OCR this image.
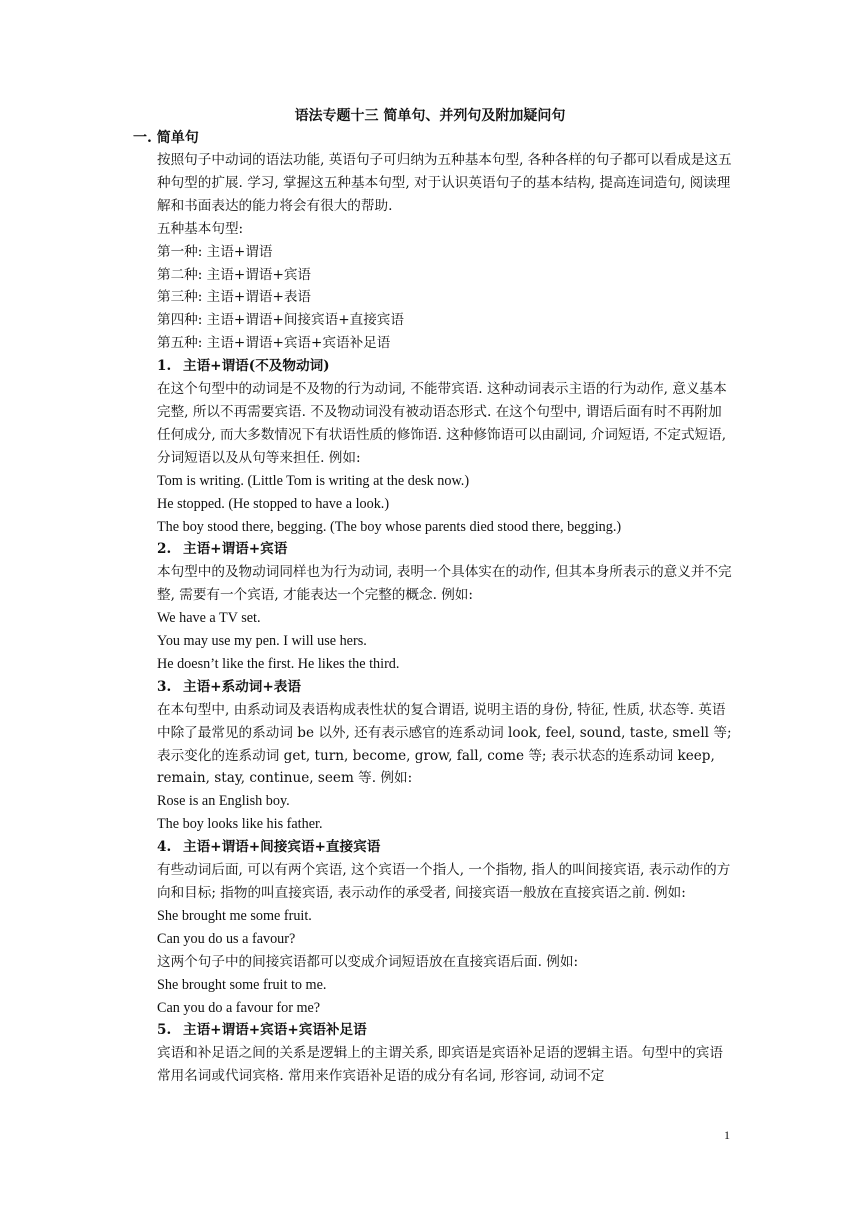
语法专题十三 简单句、并列句及附加疑问句
一. 简单句

按照句子中动词的语法功能, 英语句子可归纳为五种基本句型, 各种各样的句子都可以看成是这五种句型的扩展. 学习, 掌握这五种基本句型, 对于认识英语句子的基本结构, 提高连词造句, 阅读理解和书面表达的能力将会有很大的帮助.

五种基本句型:

第一种: 主语+谓语

第二种: 主语+谓语+宾语

第三种: 主语+谓语+表语

第四种: 主语+谓语+间接宾语+直接宾语

第五种: 主语+谓语+宾语+宾语补足语

1. 主语+谓语(不及物动词)

在这个句型中的动词是不及物的行为动词, 不能带宾语. 这种动词表示主语的行为动作, 意义基本完整, 所以不再需要宾语. 不及物动词没有被动语态形式. 在这个句型中, 谓语后面有时不再附加任何成分, 而大多数情况下有状语性质的修饰语. 这种修饰语可以由副词, 介词短语, 不定式短语, 分词短语以及从句等来担任. 例如:

Tom is writing. (Little Tom is writing at the desk now.)

He stopped. (He stopped to have a look.)

The boy stood there, begging. (The boy whose parents died stood there, begging.)

2. 主语+谓语+宾语

本句型中的及物动词同样也为行为动词, 表明一个具体实在的动作, 但其本身所表示的意义并不完整, 需要有一个宾语, 才能表达一个完整的概念. 例如:

We have a TV set.

You may use my pen. I will use hers.

He doesn’t like the first. He likes the third.

3. 主语+系动词+表语

在本句型中, 由系动词及表语构成表性状的复合谓语, 说明主语的身份, 特征, 性质, 状态等. 英语中除了最常见的系动词 be 以外, 还有表示感官的连系动词 look, feel, sound, taste, smell 等; 表示变化的连系动词 get, turn, become, grow, fall, come 等; 表示状态的连系动词 keep, remain, stay, continue, seem 等. 例如:

Rose is an English boy.

The boy looks like his father.

4. 主语+谓语+间接宾语+直接宾语

有些动词后面, 可以有两个宾语, 这个宾语一个指人, 一个指物, 指人的叫间接宾语, 表示动作的方向和目标; 指物的叫直接宾语, 表示动作的承受者, 间接宾语一般放在直接宾语之前. 例如:

She brought me some fruit.

Can you do us a favour?

这两个句子中的间接宾语都可以变成介词短语放在直接宾语后面. 例如:

She brought some fruit to me.

Can you do a favour for me?

5. 主语+谓语+宾语+宾语补足语

宾语和补足语之间的关系是逻辑上的主谓关系, 即宾语是宾语补足语的逻辑主语。句型中的宾语常用名词或代词宾格. 常用来作宾语补足语的成分有名词, 形容词, 动词不定

1
